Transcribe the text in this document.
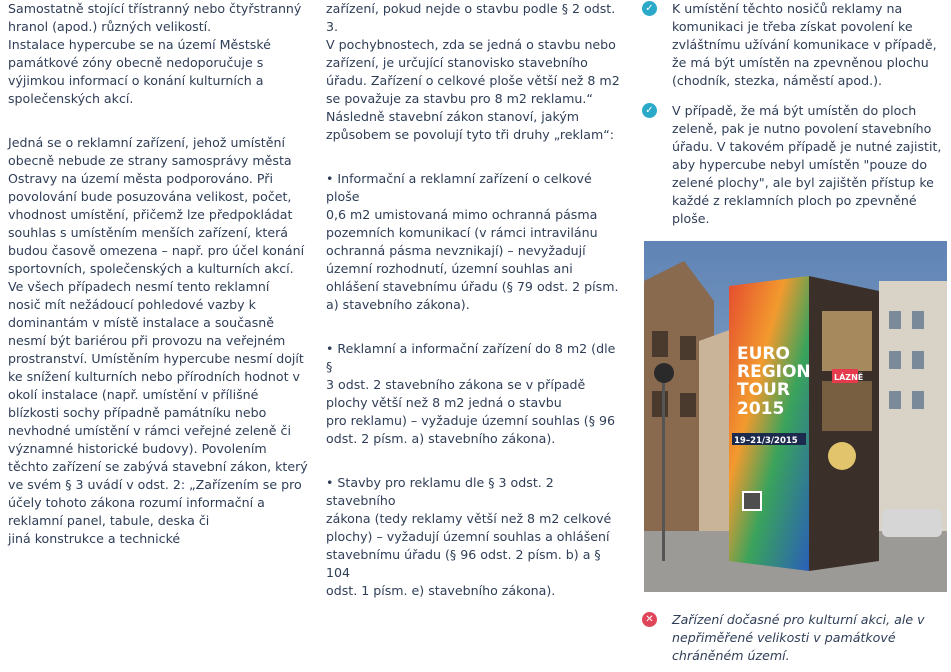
Samostatně stojící třístranný nebo čtyřstranný
hranol (apod.) různých velikostí.
Instalace hypercube se na území Městské
památkové zóny obecně nedoporučuje s
výjimkou informací o konání kulturních a
společenských akcí.

Jedná se o reklamní zařízení, jehož umístění
obecně nebude ze strany samosprávy města
Ostravy na území města podporováno. Při
povolování bude posuzována velikost, počet,
vhodnost umístění, přičemž lze předpokládat
souhlas s umístěním menších zařízení, která
budou časově omezena – např. pro účel konání
sportovních, společenských a kulturních akcí.
Ve všech případech nesmí tento reklamní
nosič mít nežádoucí pohledové vazby k
dominantám v místě instalace a současně
nesmí být bariérou při provozu na veřejném
prostranství. Umístěním hypercube nesmí dojít
ke snížení kulturních nebo přírodních hodnot v
okolí instalace (např. umístění v přílišné
blízkosti sochy případně památníku nebo
nevhodné umístění v rámci veřejné zeleně či
významné historické budovy). Povolením
těchto zařízení se zabývá stavební zákon, který
ve svém § 3 uvádí v odst. 2: „Zařízením se pro
účely tohoto zákona rozumí informační a
reklamní panel, tabule, deska či
jiná konstrukce a technické

zařízení, pokud nejde o stavbu podle § 2 odst. 3.
V pochybnostech, zda se jedná o stavbu nebo
zařízení, je určující stanovisko stavebního
úřadu. Zařízení o celkové ploše větší než 8 m2
se považuje za stavbu pro 8 m2 reklamu.“
Následně stavební zákon stanoví, jakým
způsobem se povolují tyto tři druhy „reklam“:

• Informační a reklamní zařízení o celkové ploše
0,6 m2 umistovaná mimo ochranná pásma
pozemních komunikací (v rámci intravilánu
ochranná pásma nevznikají) – nevyžadují
územní rozhodnutí, územní souhlas ani
ohlášení stavebnímu úřadu (§ 79 odst. 2 písm.
a) stavebního zákona).

• Reklamní a informační zařízení do 8 m2 (dle §
3 odst. 2 stavebního zákona se v případě
plochy větší než 8 m2 jedná o stavbu
pro reklamu) – vyžaduje územní souhlas (§ 96
odst. 2 písm. a) stavebního zákona).

• Stavby pro reklamu dle § 3 odst. 2 stavebního
zákona (tedy reklamy větší než 8 m2 celkové
plochy) – vyžadují územní souhlas a ohlášení
stavebnímu úřadu (§ 96 odst. 2 písm. b) a § 104
odst. 1 písm. e) stavebního zákona).

✓ K umístění těchto nosičů reklamy na
komunikaci je třeba získat povolení ke
zvláštnímu užívání komunikace v případě,
že má být umístěn na zpevněnou plochu
(chodník, stezka, náměstí apod.).

✓ V případě, že má být umístěn do ploch
zeleně, pak je nutno povolení stavebního
úřadu. V takovém případě je nutné zajistit,
aby hypercube nebyl umístěn "pouze do
zelené plochy", ale byl zajištěn přístup ke
každé z reklamních ploch po zpevněné
ploše.

EURO
REGION
TOUR
2015
19–21/3/2015
LÁZNĚ
✕ Zařízení dočasné pro kulturní akci, ale v
nepřiměřené velikosti v památkové
chráněném území.
